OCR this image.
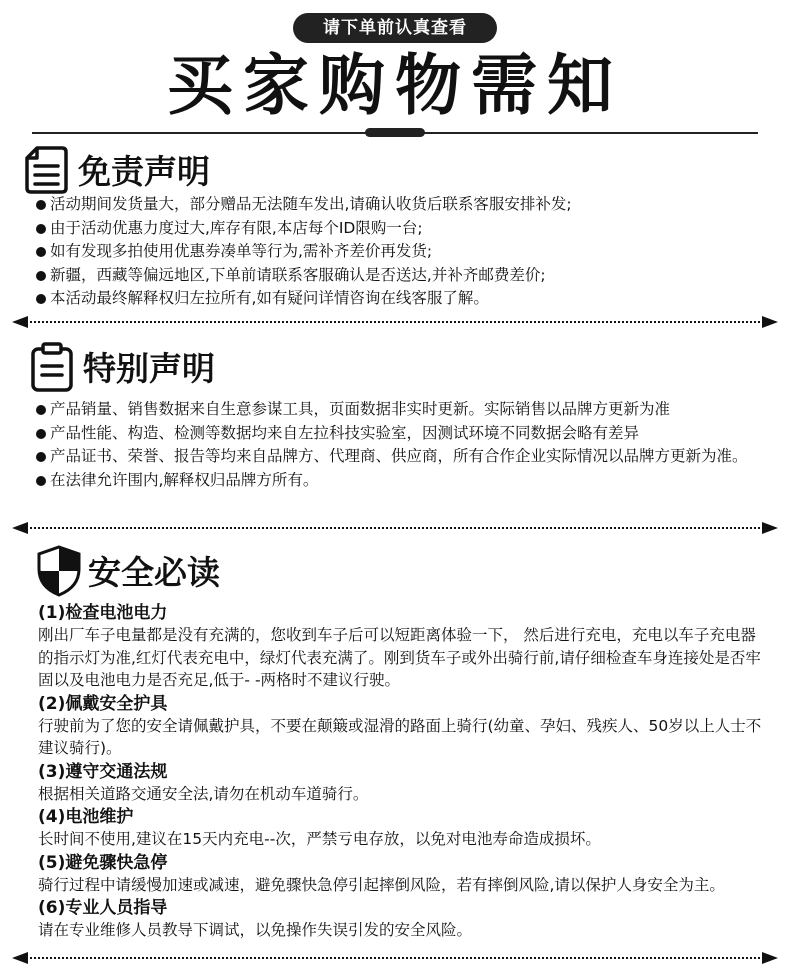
请下单前认真查看
买家购物需知
免责声明
活动期间发货量大，部分赠品无法随车发出,请确认收货后联系客服安排补发;
由于活动优惠力度过大,库存有限,本店每个ID限购一台;
如有发现多拍使用优惠券凑单等行为,需补齐差价再发货;
新疆，西藏等偏远地区,下单前请联系客服确认是否送达,并补齐邮费差价;
本活动最终解释权归左拉所有,如有疑问详情咨询在线客服了解。
特别声明
产品销量、销售数据来自生意参谋工具，页面数据非实时更新。实际销售以品牌方更新为准
产品性能、构造、检测等数据均来自左拉科技实验室，因测试环境不同数据会略有差异
产品证书、荣誉、报告等均来自品牌方、代理商、供应商，所有合作企业实际情况以品牌方更新为准。
在法律允许围内,解释权归品牌方所有。
安全必读
(1)检查电池电力
刚出厂车子电量都是没有充满的，您收到车子后可以短距离体验一下， 然后进行充电，充电以车子充电器的指示灯为准,红灯代表充电中，绿灯代表充满了。刚到货车子或外出骑行前,请仔细检查车身连接处是否牢固以及电池电力是否充足,低于- -两格时不建议行驶。
(2)佩戴安全护具
行驶前为了您的安全请佩戴护具，不要在颠簸或湿滑的路面上骑行(幼童、孕妇、残疾人、50岁以上人士不建议骑行)。
(3)遵守交通法规
根据相关道路交通安全法,请勿在机动车道骑行。
(4)电池维护
长时间不使用,建议在15天内充电--次，严禁亏电存放，以免对电池寿命造成损坏。
(5)避免骤快急停
骑行过程中请缓慢加速或减速，避免骤快急停引起摔倒风险，若有摔倒风险,请以保护人身安全为主。
(6)专业人员指导
请在专业维修人员教导下调试，以免操作失误引发的安全风险。
